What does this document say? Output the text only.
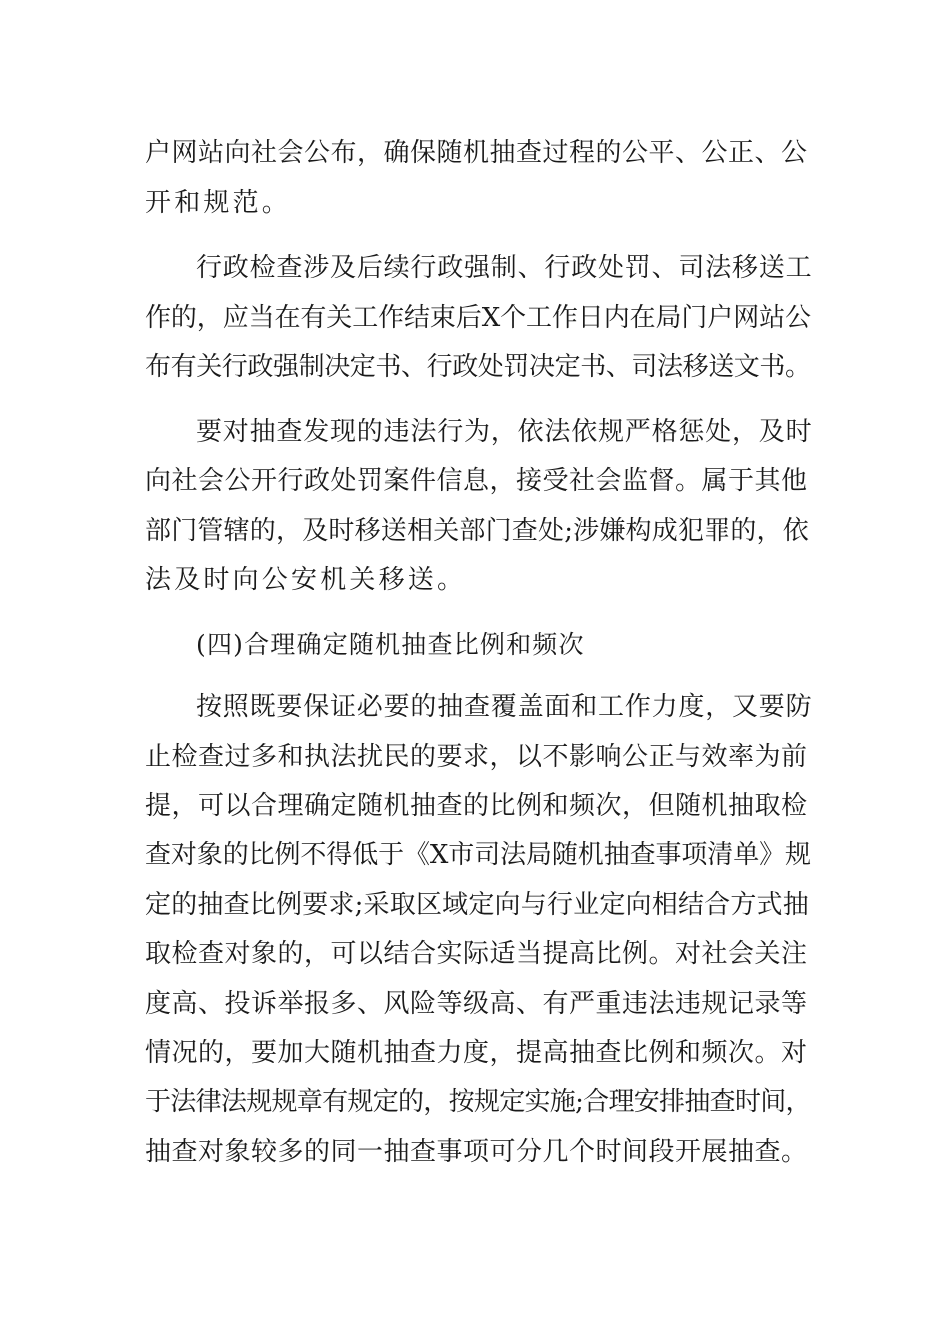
户网站向社会公布，确保随机抽查过程的公平、公正、公
开和规范。
行政检查涉及后续行政强制、行政处罚、司法移送工
作的，应当在有关工作结束后X个工作日内在局门户网站公
布有关行政强制决定书、行政处罚决定书、司法移送文书。
要对抽查发现的违法行为，依法依规严格惩处，及时
向社会公开行政处罚案件信息，接受社会监督。属于其他
部门管辖的，及时移送相关部门查处;涉嫌构成犯罪的，依
法及时向公安机关移送。
(四)合理确定随机抽查比例和频次
按照既要保证必要的抽查覆盖面和工作力度，又要防
止检查过多和执法扰民的要求，以不影响公正与效率为前
提，可以合理确定随机抽查的比例和频次，但随机抽取检
查对象的比例不得低于《X市司法局随机抽查事项清单》规
定的抽查比例要求;采取区域定向与行业定向相结合方式抽
取检查对象的，可以结合实际适当提高比例。对社会关注
度高、投诉举报多、风险等级高、有严重违法违规记录等
情况的，要加大随机抽查力度，提高抽查比例和频次。对
于法律法规规章有规定的，按规定实施;合理安排抽查时间，
抽查对象较多的同一抽查事项可分几个时间段开展抽查。
